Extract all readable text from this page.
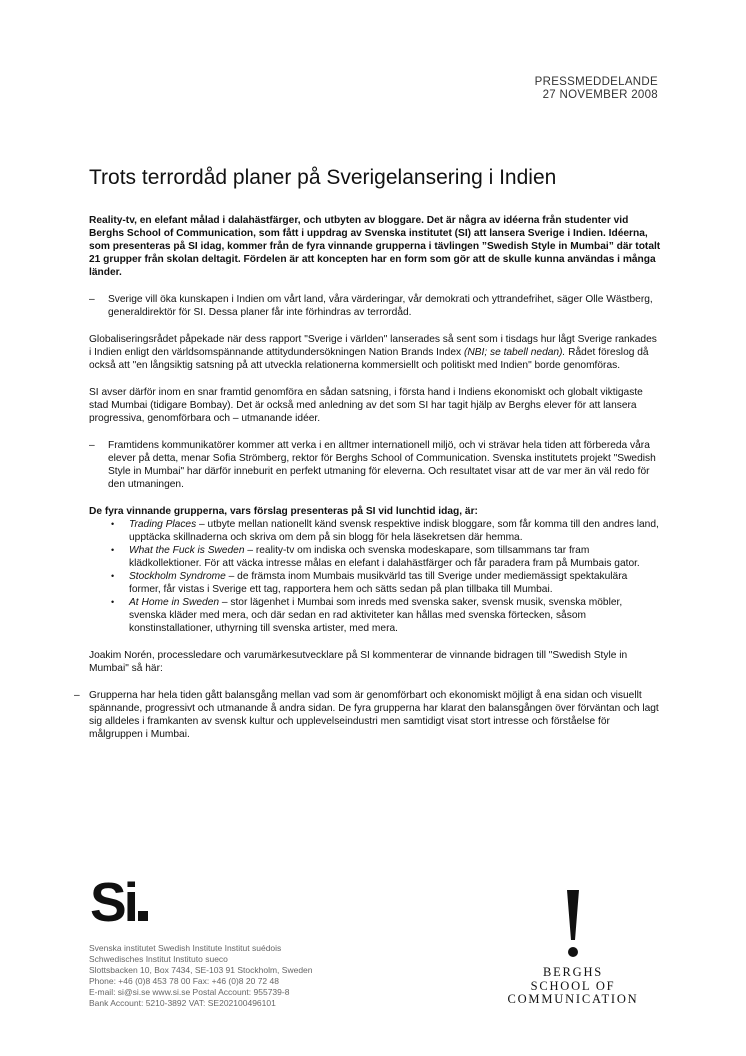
PRESSMEDDELANDE
27 NOVEMBER 2008
Trots terrordåd planer på Sverigelansering i Indien

Reality-tv, en elefant målad i dalahästfärger, och utbyten av bloggare. Det är några av idéerna från studenter vid Berghs School of Communication, som fått i uppdrag av Svenska institutet (SI) att lansera Sverige i Indien. Idéerna, som presenteras på SI idag, kommer från de fyra vinnande grupperna i tävlingen ”Swedish Style in Mumbai” där totalt 21 grupper från skolan deltagit. Fördelen är att koncepten har en form som gör att de skulle kunna användas i många länder.

–	Sverige vill öka kunskapen i Indien om vårt land, våra värderingar, vår demokrati och yttrandefrihet, säger Olle Wästberg, generaldirektör för SI. Dessa planer får inte förhindras av terrordåd.

Globaliseringsrådet påpekade när dess rapport "Sverige i världen" lanserades så sent som i tisdags hur lågt Sverige rankades i Indien enligt den världsomspännande attitydundersökningen Nation Brands Index (NBI; se tabell nedan). Rådet föreslog då också att "en långsiktig satsning på att utveckla relationerna kommersiellt och politiskt med Indien" borde genomföras.

SI avser därför inom en snar framtid genomföra en sådan satsning, i första hand i Indiens ekonomiskt och globalt viktigaste stad Mumbai (tidigare Bombay). Det är också med anledning av det som SI har tagit hjälp av Berghs elever för att lansera progressiva, genomförbara och – utmanande idéer.

–	Framtidens kommunikatörer kommer att verka i en alltmer internationell miljö, och vi strävar hela tiden att förbereda våra elever på detta, menar Sofia Strömberg, rektor för Berghs School of Communication. Svenska institutets projekt "Swedish Style in Mumbai" har därför inneburit en perfekt utmaning för eleverna. Och resultatet visar att de var mer än väl redo för den utmaningen.

De fyra vinnande grupperna, vars förslag presenteras på SI vid lunchtid idag, är:

• Trading Places – utbyte mellan nationellt känd svensk respektive indisk bloggare, som får komma till den andres land, upptäcka skillnaderna och skriva om dem på sin blogg för hela läsekretsen där hemma.
• What the Fuck is Sweden – reality-tv om indiska och svenska modeskapare, som tillsammans tar fram klädkollektioner. För att väcka intresse målas en elefant i dalahästfärger och får paradera fram på Mumbais gator.
• Stockholm Syndrome – de främsta inom Mumbais musikvärld tas till Sverige under mediemässigt spektakulära former, får vistas i Sverige ett tag, rapportera hem och sätts sedan på plan tillbaka till Mumbai.
• At Home in Sweden – stor lägenhet i Mumbai som inreds med svenska saker, svensk musik, svenska möbler, svenska kläder med mera, och där sedan en rad aktiviteter kan hållas med svenska förtecken, såsom konstinstallationer, uthyrning till svenska artister, med mera.

Joakim Norén, processledare och varumärkesutvecklare på SI kommenterar de vinnande bidragen till "Swedish Style in Mumbai" så här:

– Grupperna har hela tiden gått balansgång mellan vad som är genomförbart och ekonomiskt möjligt å ena sidan och visuellt spännande, progressivt och utmanande å andra sidan. De fyra grupperna har klarat den balansgången över förväntan och lagt sig alldeles i framkanten av svensk kultur och upplevelseindustri men samtidigt visat stort intresse och förståelse för målgruppen i Mumbai.
Si
Svenska institutet Swedish Institute Institut suédois
Schwedisches Institut Instituto sueco
Slottsbacken 10, Box 7434, SE-103 91 Stockholm, Sweden
Phone: +46 (0)8 453 78 00 Fax: +46 (0)8 20 72 48
E-mail: si@si.se www.si.se Postal Account: 955739-8
Bank Account: 5210-3892 VAT: SE202100496101
BERGHS
SCHOOL OF
COMMUNICATION
